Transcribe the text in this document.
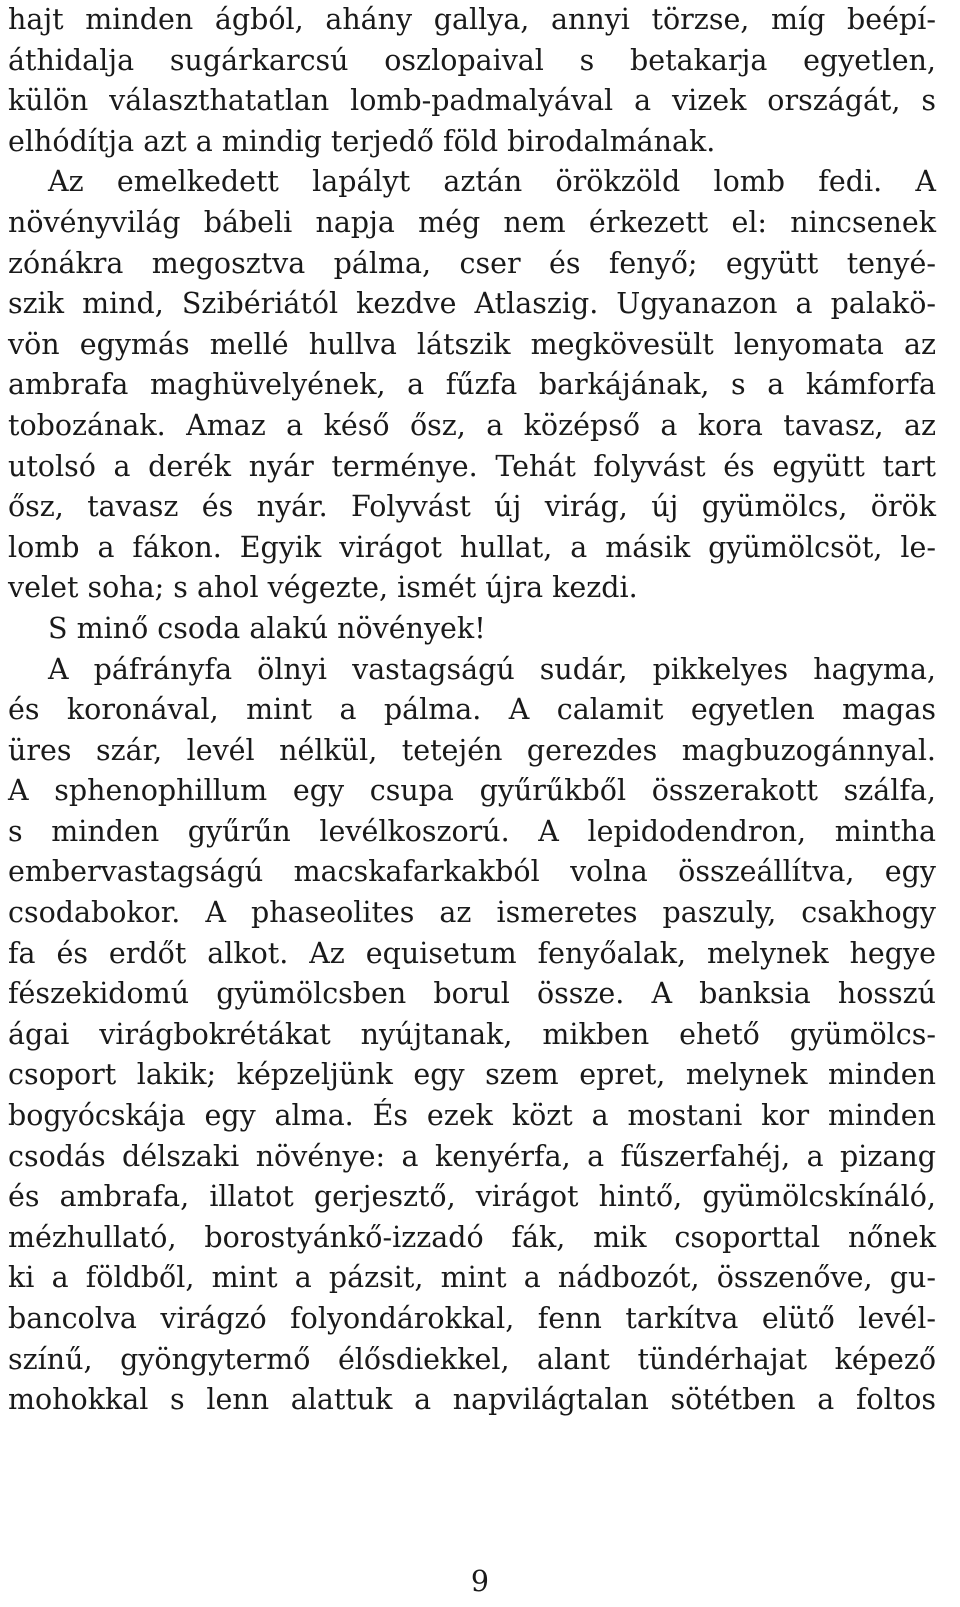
hajt minden ágból, ahány gallya, annyi törzse, míg beépí-
áthidalja sugárkarcsú oszlopaival s betakarja egyetlen,
külön választhatatlan lomb-padmalyával a vizek országát, s
elhódítja azt a mindig terjedő föld birodalmának.
Az emelkedett lapályt aztán örökzöld lomb fedi. A
növényvilág bábeli napja még nem érkezett el: nincsenek
zónákra megosztva pálma, cser és fenyő; együtt tenyé-
szik mind, Szibériától kezdve Atlaszig. Ugyanazon a palakö-
vön egymás mellé hullva látszik megkövesült lenyomata az
ambrafa maghüvelyének, a fűzfa barkájának, s a kámforfa
tobozának. Amaz a késő ősz, a középső a kora tavasz, az
utolsó a derék nyár terménye. Tehát folyvást és együtt tart
ősz, tavasz és nyár. Folyvást új virág, új gyümölcs, örök
lomb a fákon. Egyik virágot hullat, a másik gyümölcsöt, le-
velet soha; s ahol végezte, ismét újra kezdi.
S minő csoda alakú növények!
A páfrányfa ölnyi vastagságú sudár, pikkelyes hagyma,
és koronával, mint a pálma. A calamit egyetlen magas
üres szár, levél nélkül, tetején gerezdes magbuzogánnyal.
A sphenophillum egy csupa gyűrűkből összerakott szálfa,
s minden gyűrűn levélkoszorú. A lepidodendron, mintha
embervastagságú macskafarkakból volna összeállítva, egy
csodabokor. A phaseolites az ismeretes paszuly, csakhogy
fa és erdőt alkot. Az equisetum fenyőalak, melynek hegye
fészekidomú gyümölcsben borul össze. A banksia hosszú
ágai virágbokrétákat nyújtanak, mikben ehető gyümölcs-
csoport lakik; képzeljünk egy szem epret, melynek minden
bogyócskája egy alma. És ezek közt a mostani kor minden
csodás délszaki növénye: a kenyérfa, a fűszerfahéj, a pizang
és ambrafa, illatot gerjesztő, virágot hintő, gyümölcskínáló,
mézhullató, borostyánkő-izzadó fák, mik csoporttal nőnek
ki a földből, mint a pázsit, mint a nádbozót, összenőve, gu-
bancolva virágzó folyondárokkal, fenn tarkítva elütő levél-
színű, gyöngytermő élősdiekkel, alant tündérhajat képező
mohokkal s lenn alattuk a napvilágtalan sötétben a foltos
9
